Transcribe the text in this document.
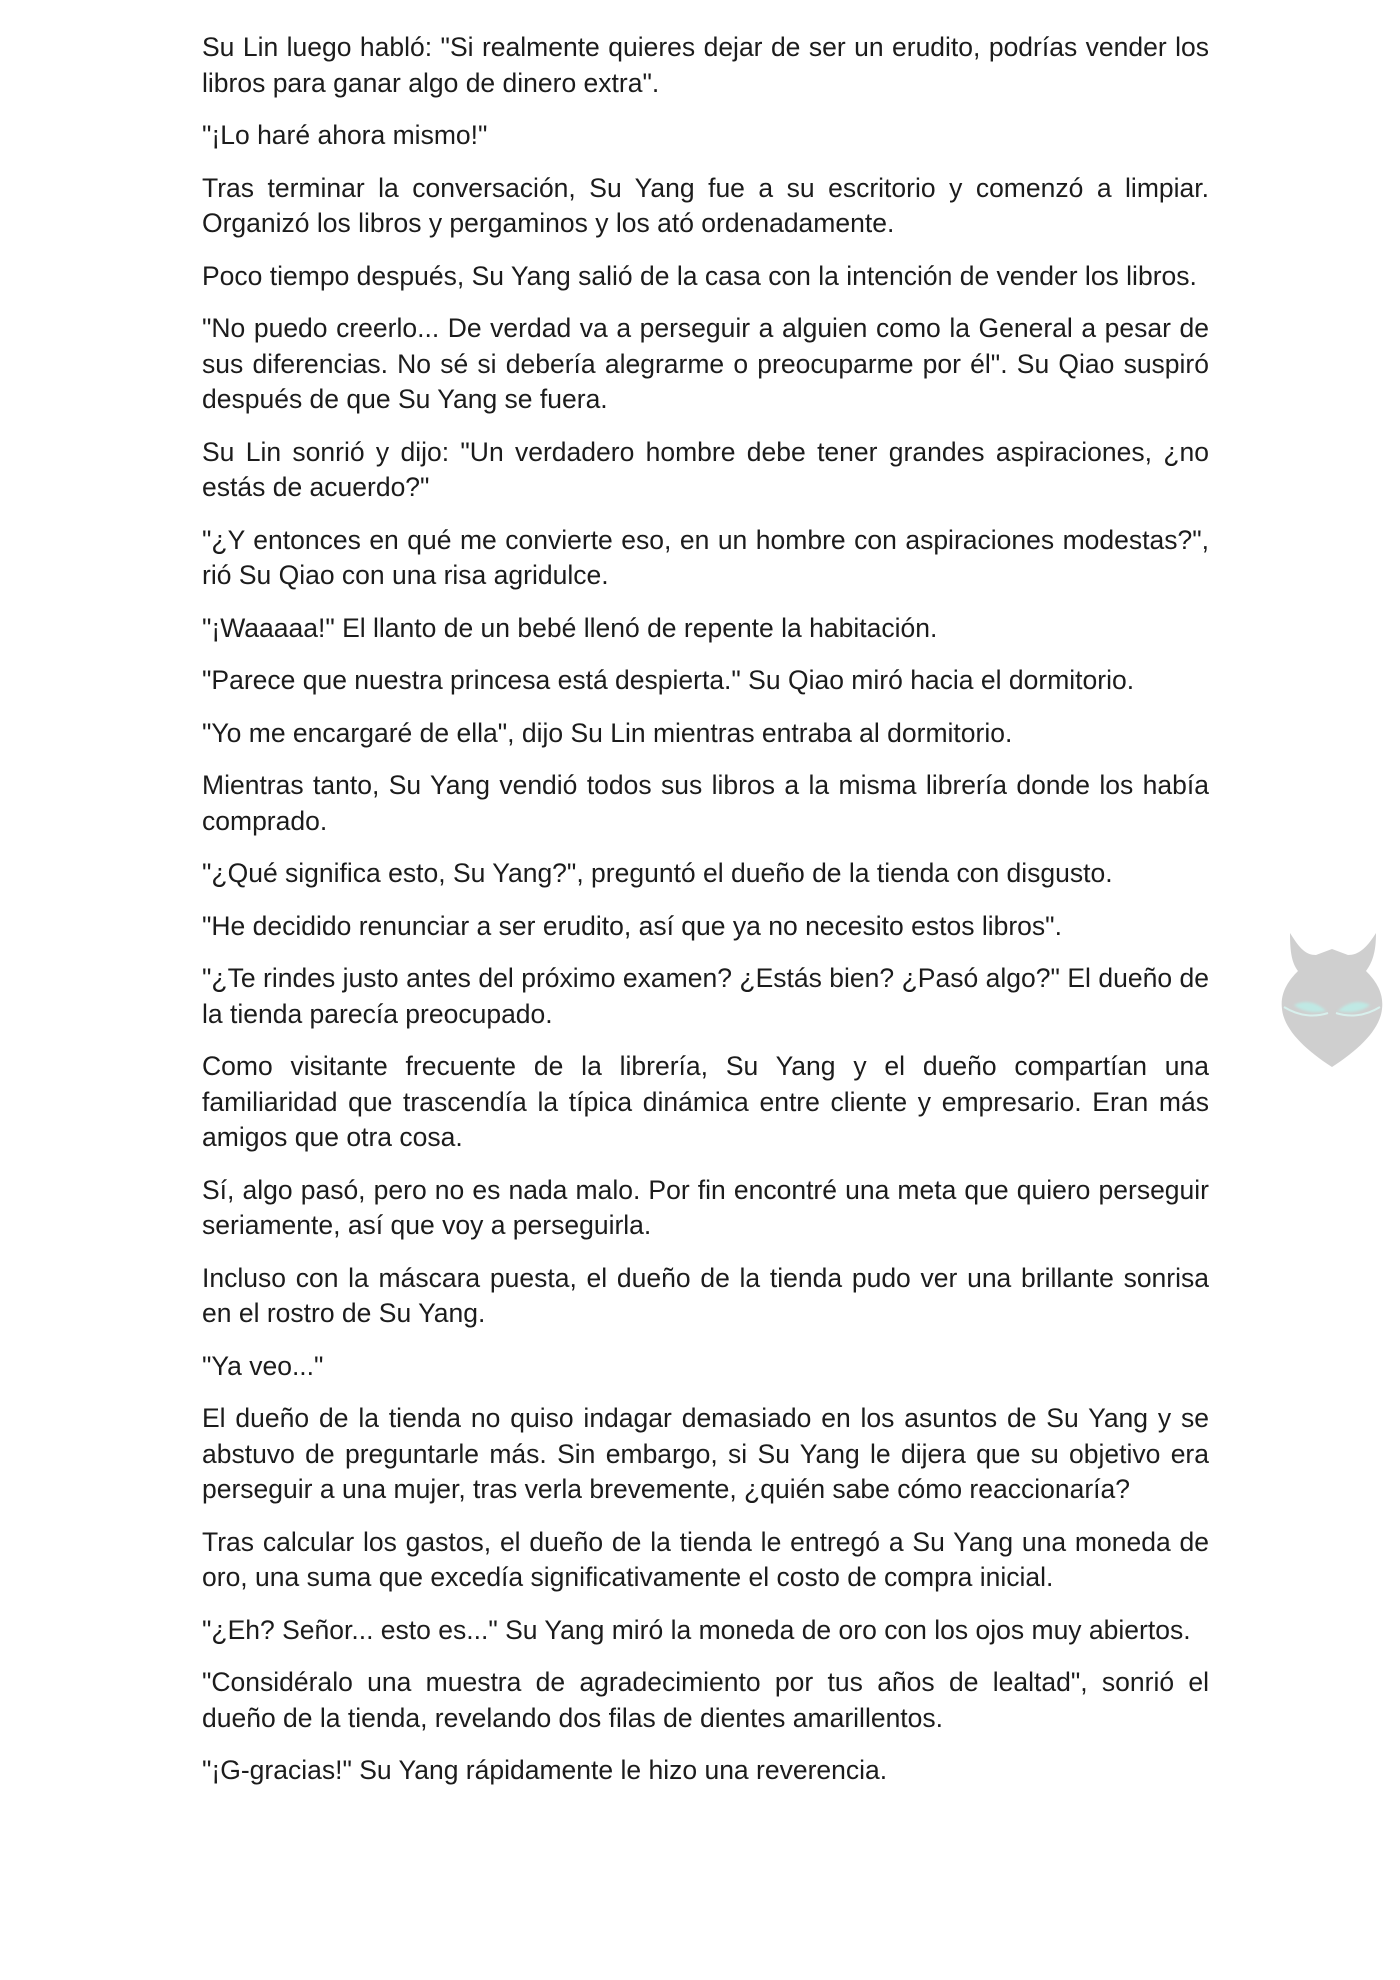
Su Lin luego habló: "Si realmente quieres dejar de ser un erudito, podrías vender los libros para ganar algo de dinero extra".

"¡Lo haré ahora mismo!"

Tras terminar la conversación, Su Yang fue a su escritorio y comenzó a limpiar. Organizó los libros y pergaminos y los ató ordenadamente.

Poco tiempo después, Su Yang salió de la casa con la intención de vender los libros.

"No puedo creerlo... De verdad va a perseguir a alguien como la General a pesar de sus diferencias. No sé si debería alegrarme o preocuparme por él". Su Qiao suspiró después de que Su Yang se fuera.

Su Lin sonrió y dijo: "Un verdadero hombre debe tener grandes aspiraciones, ¿no estás de acuerdo?"

"¿Y entonces en qué me convierte eso, en un hombre con aspiraciones modestas?", rió Su Qiao con una risa agridulce.

"¡Waaaaa!" El llanto de un bebé llenó de repente la habitación.

"Parece que nuestra princesa está despierta." Su Qiao miró hacia el dormitorio.

"Yo me encargaré de ella", dijo Su Lin mientras entraba al dormitorio.

Mientras tanto, Su Yang vendió todos sus libros a la misma librería donde los había comprado.

"¿Qué significa esto, Su Yang?", preguntó el dueño de la tienda con disgusto.

"He decidido renunciar a ser erudito, así que ya no necesito estos libros".

"¿Te rindes justo antes del próximo examen? ¿Estás bien? ¿Pasó algo?" El dueño de la tienda parecía preocupado.

Como visitante frecuente de la librería, Su Yang y el dueño compartían una familiaridad que trascendía la típica dinámica entre cliente y empresario. Eran más amigos que otra cosa.

Sí, algo pasó, pero no es nada malo. Por fin encontré una meta que quiero perseguir seriamente, así que voy a perseguirla.

Incluso con la máscara puesta, el dueño de la tienda pudo ver una brillante sonrisa en el rostro de Su Yang.

"Ya veo..."

El dueño de la tienda no quiso indagar demasiado en los asuntos de Su Yang y se abstuvo de preguntarle más. Sin embargo, si Su Yang le dijera que su objetivo era perseguir a una mujer, tras verla brevemente, ¿quién sabe cómo reaccionaría?

Tras calcular los gastos, el dueño de la tienda le entregó a Su Yang una moneda de oro, una suma que excedía significativamente el costo de compra inicial.

"¿Eh? Señor... esto es..." Su Yang miró la moneda de oro con los ojos muy abiertos.

"Considéralo una muestra de agradecimiento por tus años de lealtad", sonrió el dueño de la tienda, revelando dos filas de dientes amarillentos.

"¡G-gracias!" Su Yang rápidamente le hizo una reverencia.
